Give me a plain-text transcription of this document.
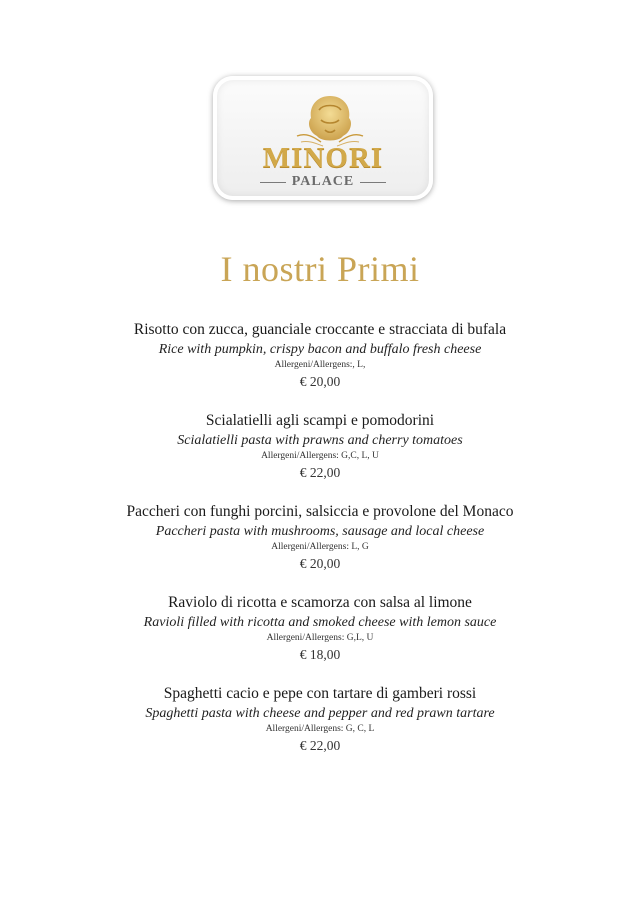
MINORI
PALACE
I nostri Primi
Risotto con zucca, guanciale croccante e stracciata di bufala
Rice with pumpkin, crispy bacon and buffalo fresh cheese
Allergeni/Allergens:, L,
€ 20,00
Scialatielli agli scampi e pomodorini
Scialatielli pasta with prawns and cherry tomatoes
Allergeni/Allergens: G,C, L, U
€ 22,00
Paccheri con funghi porcini, salsiccia e provolone del Monaco
Paccheri pasta with mushrooms, sausage and local cheese
Allergeni/Allergens: L, G
€ 20,00
Raviolo di ricotta e scamorza con salsa al limone
Ravioli filled with ricotta and smoked cheese with lemon sauce
Allergeni/Allergens: G,L, U
€ 18,00
Spaghetti cacio e pepe con tartare di gamberi rossi
Spaghetti pasta with cheese and pepper and red prawn tartare
Allergeni/Allergens: G, C, L
€ 22,00
